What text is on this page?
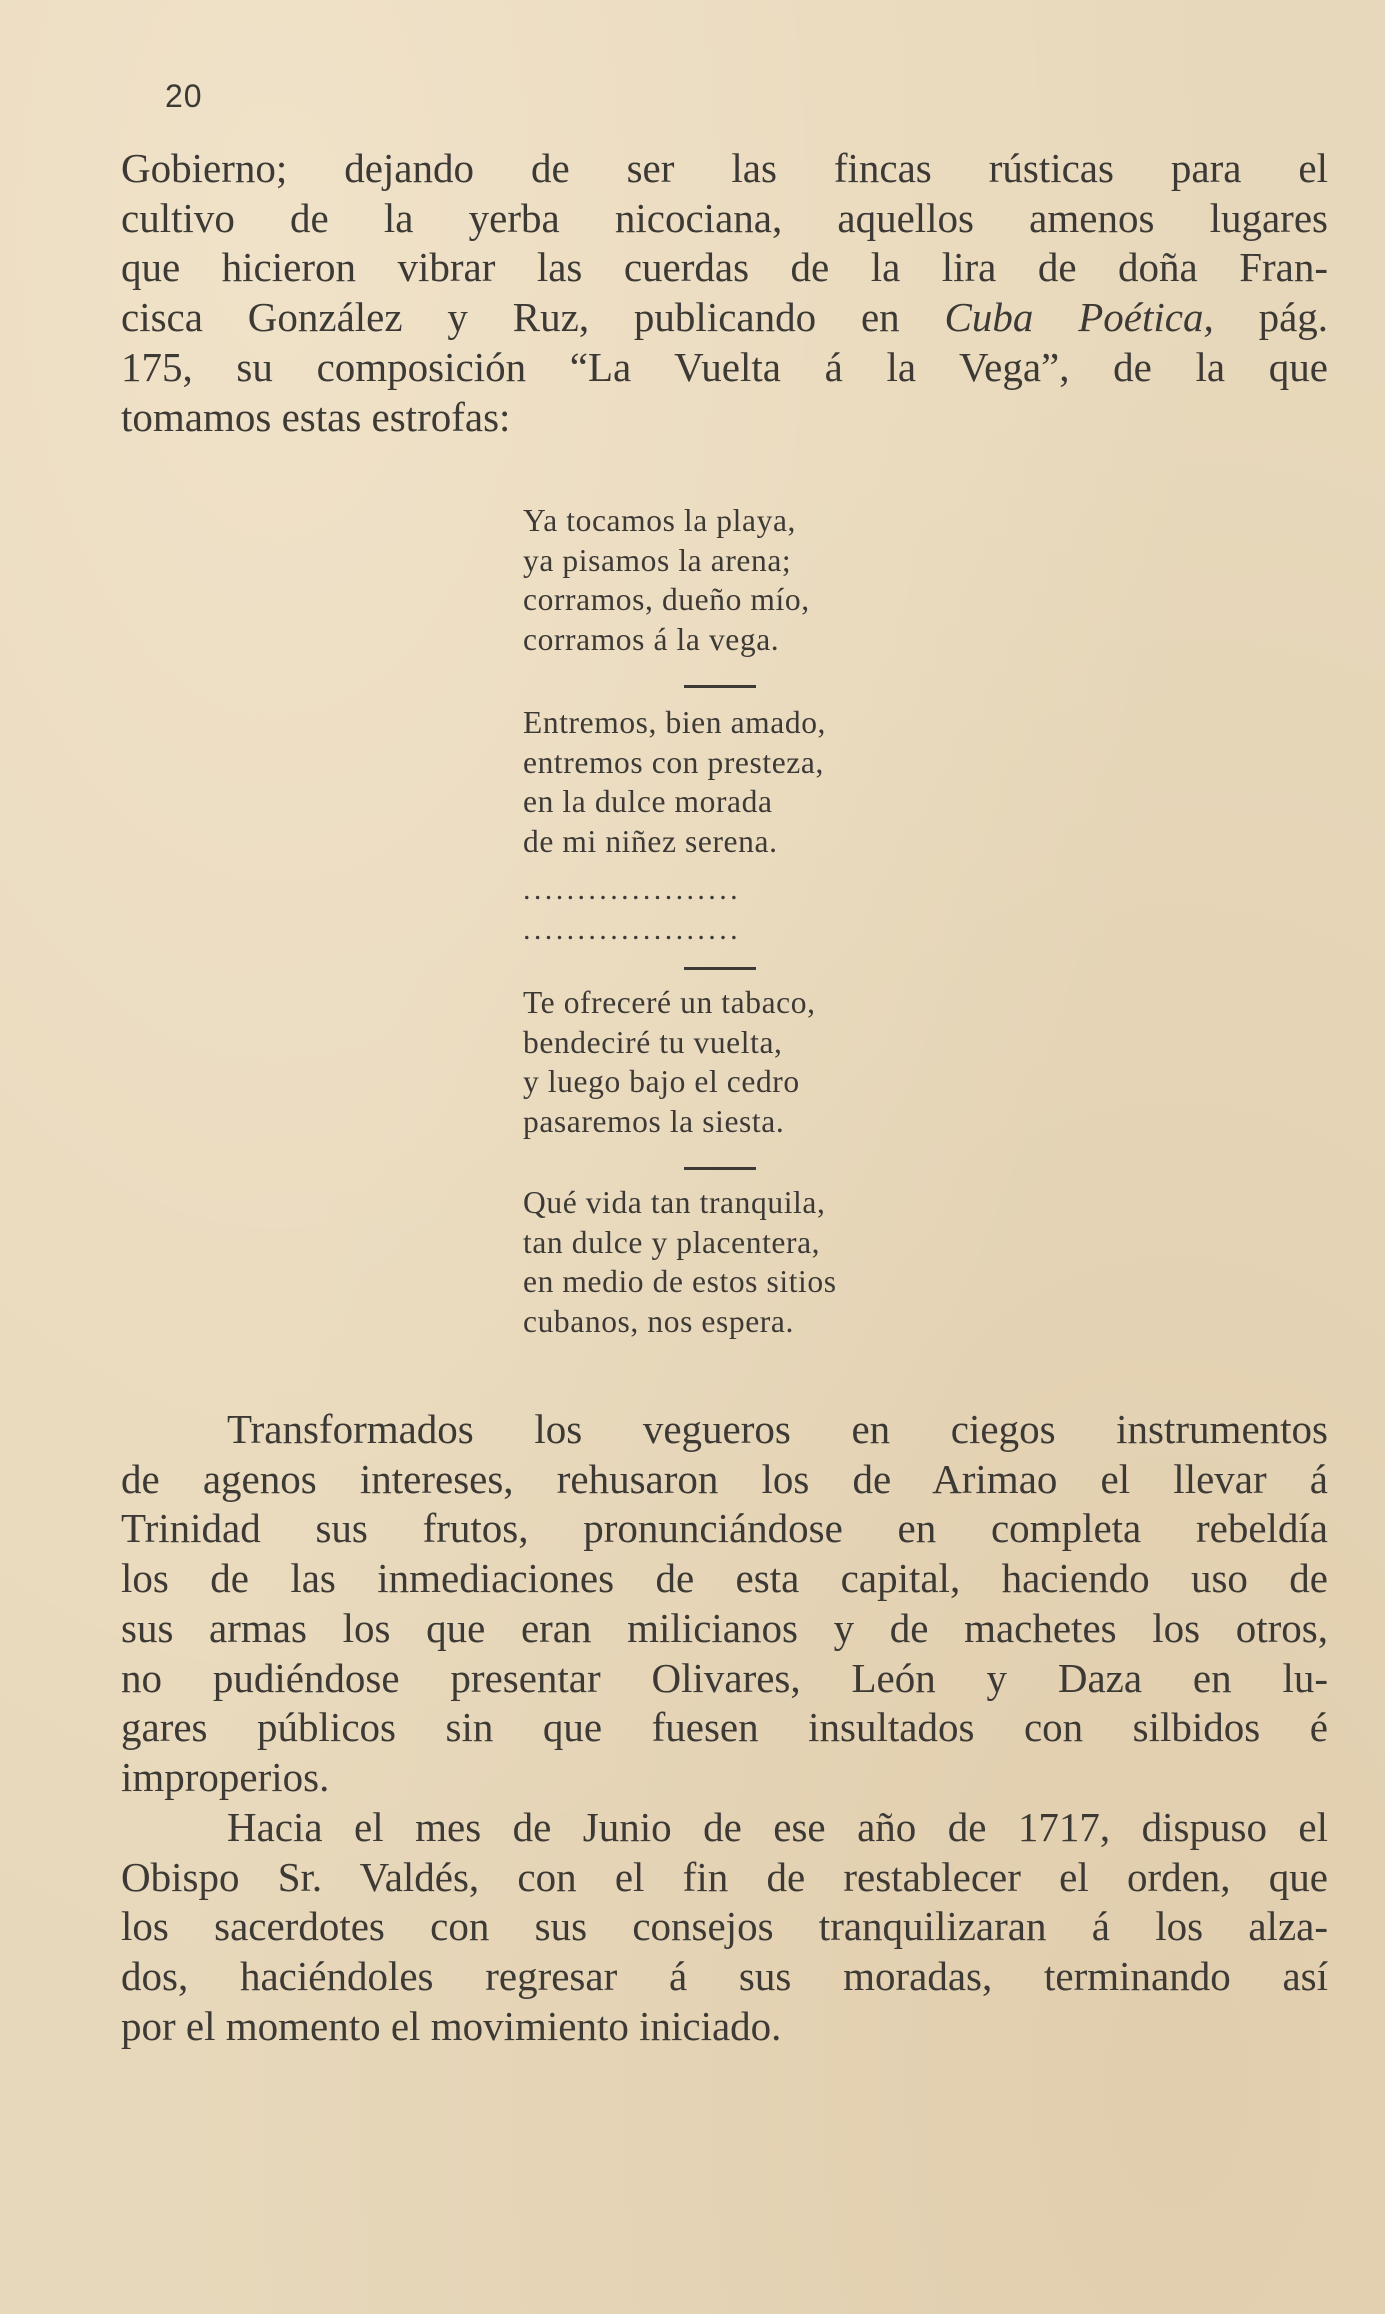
20
Gobierno; dejando de ser las fincas rústicas para el
cultivo de la yerba nicociana, aquellos amenos lugares
que hicieron vibrar las cuerdas de la lira de doña Fran-
cisca González y Ruz, publicando en Cuba Poética, pág.
175, su composición “La Vuelta á la Vega”, de la que
tomamos estas estrofas:
Ya tocamos la playa,
ya pisamos la arena;
corramos, dueño mío,
corramos á la vega.
Entremos, bien amado,
entremos con presteza,
en la dulce morada
de mi niñez serena.
....................
....................
Te ofreceré un tabaco,
bendeciré tu vuelta,
y luego bajo el cedro
pasaremos la siesta.
Qué vida tan tranquila,
tan dulce y placentera,
en medio de estos sitios
cubanos, nos espera.
Transformados los vegueros en ciegos instrumentos
de agenos intereses, rehusaron los de Arimao el llevar á
Trinidad sus frutos, pronunciándose en completa rebeldía
los de las inmediaciones de esta capital, haciendo uso de
sus armas los que eran milicianos y de machetes los otros,
no pudiéndose presentar Olivares, León y Daza en lu-
gares públicos sin que fuesen insultados con silbidos é
improperios.
Hacia el mes de Junio de ese año de 1717, dispuso el
Obispo Sr. Valdés, con el fin de restablecer el orden, que
los sacerdotes con sus consejos tranquilizaran á los alza-
dos, haciéndoles regresar á sus moradas, terminando así
por el momento el movimiento iniciado.
